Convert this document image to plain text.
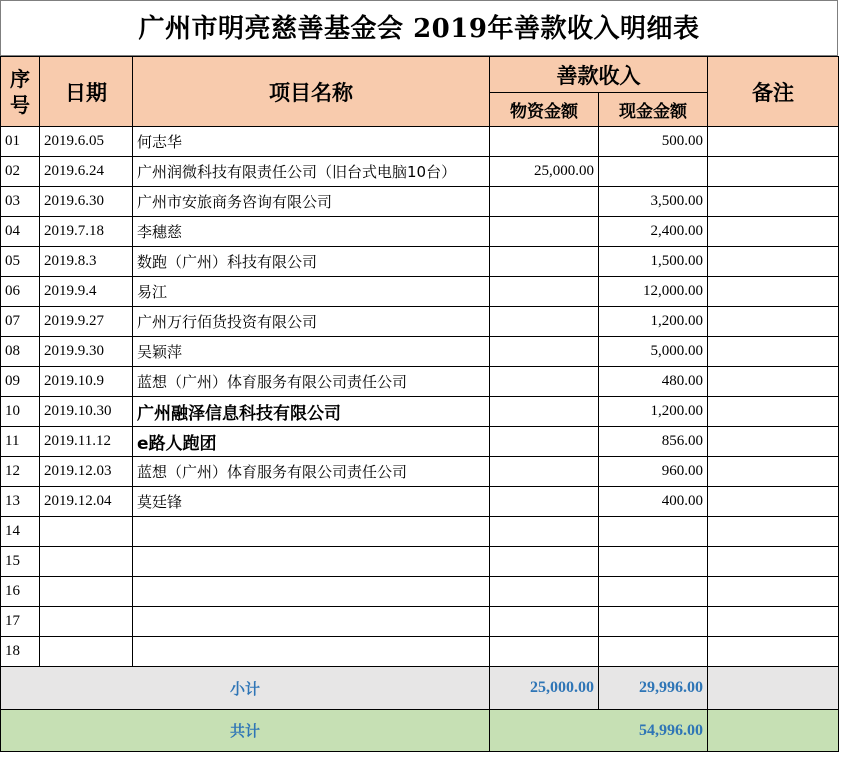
广州市明亮慈善基金会 2019年善款收入明细表
序号	日期	项目名称	善款收入		备注
			物资金额	现金金额	
01	2019.6.05	何志华		500.00	
02	2019.6.24	广州润微科技有限责任公司（旧台式电脑10台）	25,000.00		
03	2019.6.30	广州市安旅商务咨询有限公司		3,500.00	
04	2019.7.18	李穗慈		2,400.00	
05	2019.8.3	数跑（广州）科技有限公司		1,500.00	
06	2019.9.4	易江		12,000.00	
07	2019.9.27	广州万行佰货投资有限公司		1,200.00	
08	2019.9.30	吴颖萍		5,000.00	
09	2019.10.9	蓝想（广州）体育服务有限公司责任公司		480.00	
10	2019.10.30	广州融泽信息科技有限公司		1,200.00	
11	2019.11.12	e路人跑团		856.00	
12	2019.12.03	蓝想（广州）体育服务有限公司责任公司		960.00	
13	2019.12.04	莫廷锋		400.00	
14					
15					
16					
17					
18					
小计			25,000.00	29,996.00	
共计			54,996.00		
